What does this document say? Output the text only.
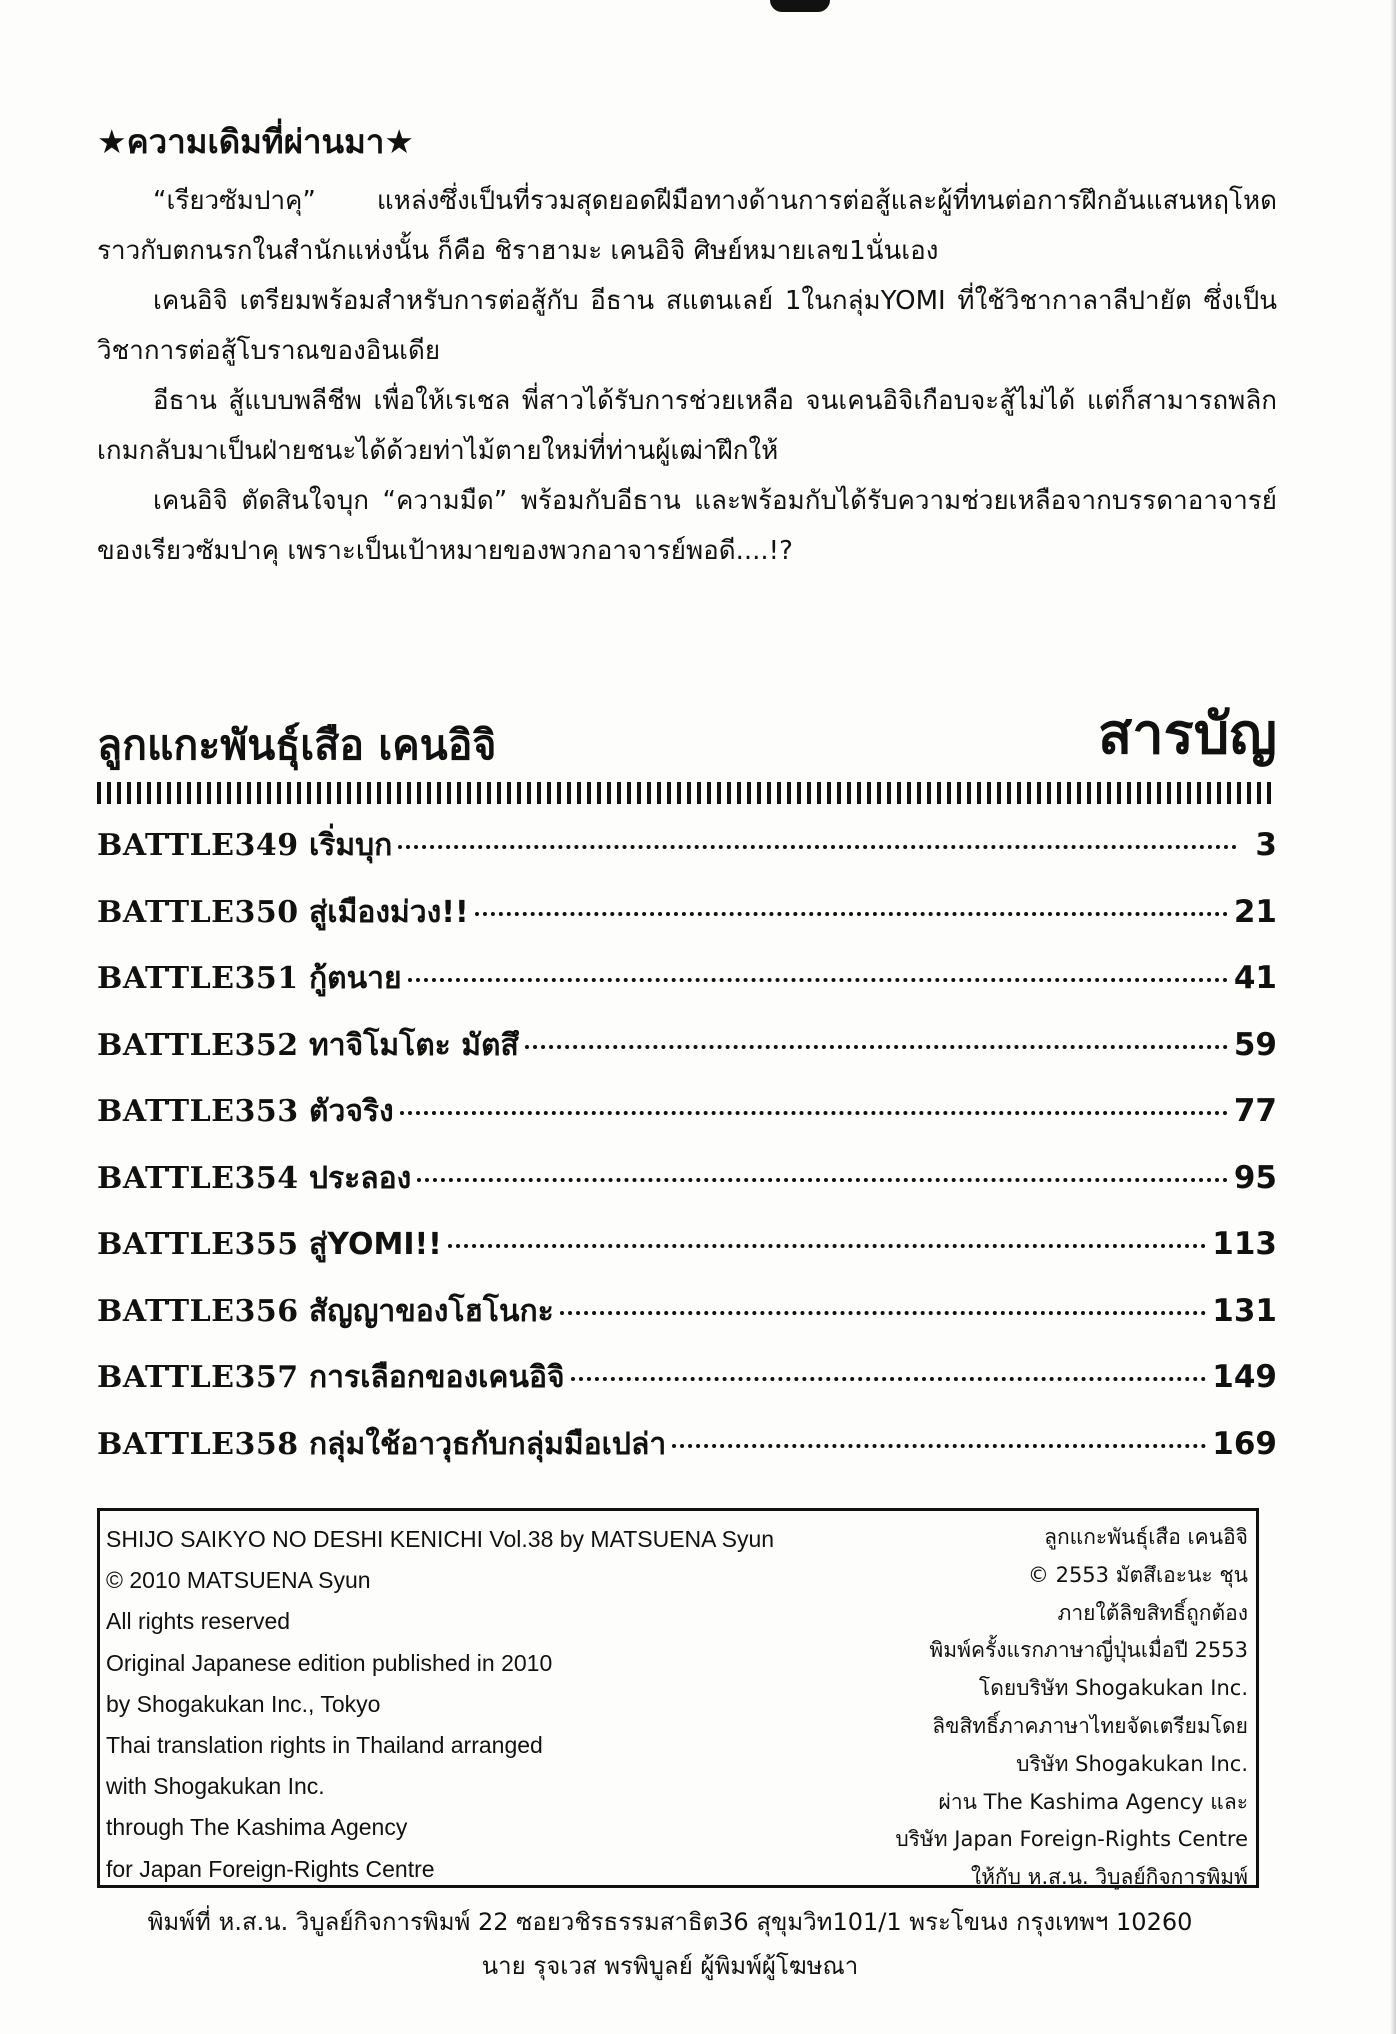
★ความเดิมที่ผ่านมา★

“เรียวซัมปาคุ” แหล่งซึ่งเป็นที่รวมสุดยอดฝีมือทางด้านการต่อสู้และผู้ที่ทนต่อการฝึกอันแสนหฤโหดราวกับตกนรกในสำนักแห่งนั้น ก็คือ ชิราฮามะ เคนอิจิ ศิษย์หมายเลข1นั่นเอง

เคนอิจิ เตรียมพร้อมสำหรับการต่อสู้กับ อีธาน สแตนเลย์ 1ในกลุ่มYOMI ที่ใช้วิชากาลาลีปายัต ซึ่งเป็นวิชาการต่อสู้โบราณของอินเดีย

อีธาน สู้แบบพลีชีพ เพื่อให้เรเชล พี่สาวได้รับการช่วยเหลือ จนเคนอิจิเกือบจะสู้ไม่ได้ แต่ก็สามารถพลิกเกมกลับมาเป็นฝ่ายชนะได้ด้วยท่าไม้ตายใหม่ที่ท่านผู้เฒ่าฝึกให้

เคนอิจิ ตัดสินใจบุก “ความมืด” พร้อมกับอีธาน และพร้อมกับได้รับความช่วยเหลือจากบรรดาอาจารย์ของเรียวซัมปาคุ เพราะเป็นเป้าหมายของพวกอาจารย์พอดี....!?

ลูกแกะพันธุ์เสือ เคนอิจิ	สารบัญ
BATTLE349 เริ่มบุก	3
BATTLE350 สู่เมืองม่วง!!	21
BATTLE351 กู้ตนาย	41
BATTLE352 ทาจิโมโตะ มัตสึ	59
BATTLE353 ตัวจริง	77
BATTLE354 ประลอง	95
BATTLE355 สู่YOMI!!	113
BATTLE356 สัญญาของโฮโนกะ	131
BATTLE357 การเลือกของเคนอิจิ	149
BATTLE358 กลุ่มใช้อาวุธกับกลุ่มมือเปล่า	169
SHIJO SAIKYO NO DESHI KENICHI Vol.38 by MATSUENA Syun
© 2010 MATSUENA Syun
All rights reserved
Original Japanese edition published in 2010
by Shogakukan Inc., Tokyo
Thai translation rights in Thailand arranged
with Shogakukan Inc.
through The Kashima Agency
for Japan Foreign-Rights Centre
ลูกแกะพันธุ์เสือ เคนอิจิ
© 2553 มัตสึเอะนะ ชุน
ภายใต้ลิขสิทธิ์ถูกต้อง
พิมพ์ครั้งแรกภาษาญี่ปุ่นเมื่อปี 2553
โดยบริษัท Shogakukan Inc.
ลิขสิทธิ์ภาคภาษาไทยจัดเตรียมโดย
บริษัท Shogakukan Inc.
ผ่าน The Kashima Agency และ
บริษัท Japan Foreign-Rights Centre
ให้กับ ห.ส.น. วิบูลย์กิจการพิมพ์
พิมพ์ที่ ห.ส.น. วิบูลย์กิจการพิมพ์ 22 ซอยวชิรธรรมสาธิต36 สุขุมวิท101/1 พระโขนง กรุงเทพฯ 10260
นาย รุจเวส พรพิบูลย์ ผู้พิมพ์ผู้โฆษณา
